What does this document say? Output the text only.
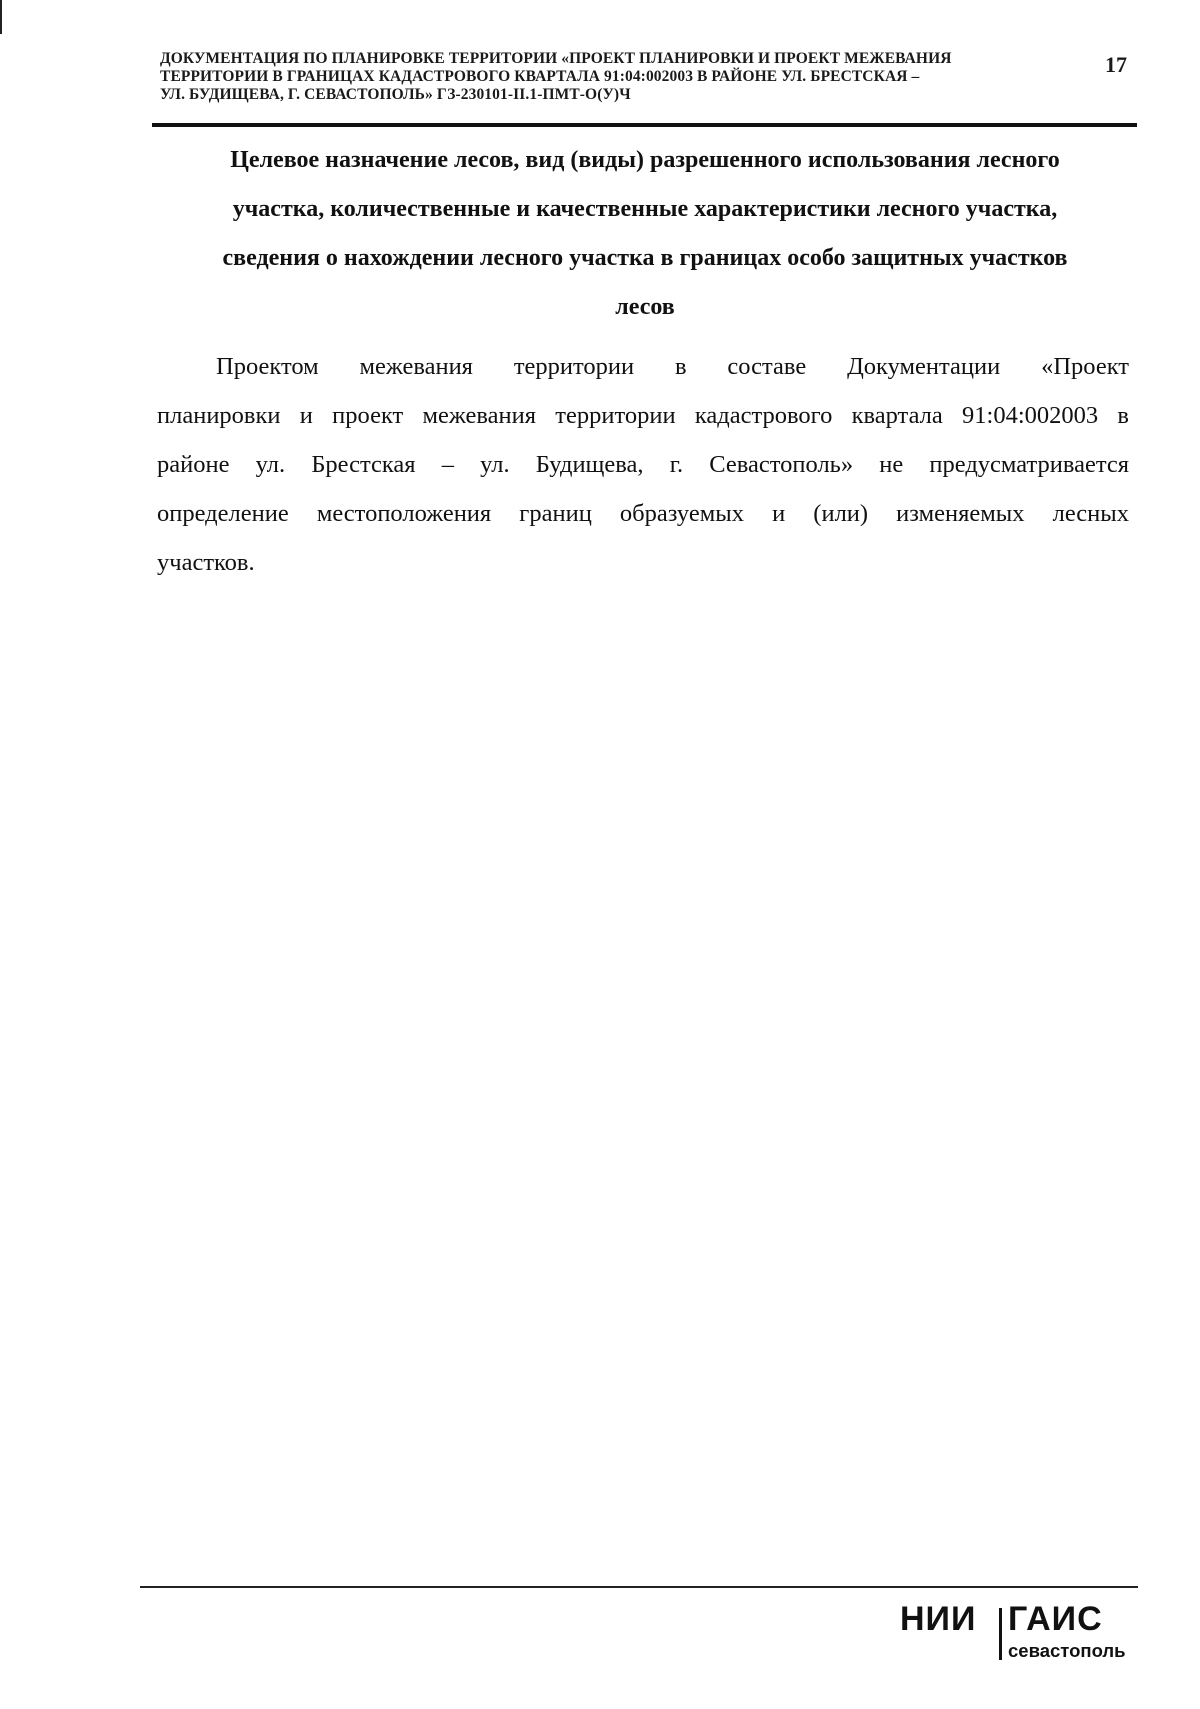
ДОКУМЕНТАЦИЯ ПО ПЛАНИРОВКЕ ТЕРРИТОРИИ «ПРОЕКТ ПЛАНИРОВКИ И ПРОЕКТ МЕЖЕВАНИЯ
ТЕРРИТОРИИ В ГРАНИЦАХ КАДАСТРОВОГО КВАРТАЛА 91:04:002003 В РАЙОНЕ УЛ. БРЕСТСКАЯ –
УЛ. БУДИЩЕВА, Г. СЕВАСТОПОЛЬ» ГЗ-230101-II.1-ПМТ-О(У)Ч
17
Целевое назначение лесов, вид (виды) разрешенного использования лесного
участка, количественные и качественные характеристики лесного участка,
сведения о нахождении лесного участка в границах особо защитных участков
лесов
Проектом межевания территории в составе Документации «Проект
планировки и проект межевания территории кадастрового квартала 91:04:002003 в
районе ул. Брестская – ул. Будищева, г. Севастополь» не предусматривается
определение местоположения границ образуемых и (или) изменяемых лесных
участков.
НИИ ГАИС
севастополь
